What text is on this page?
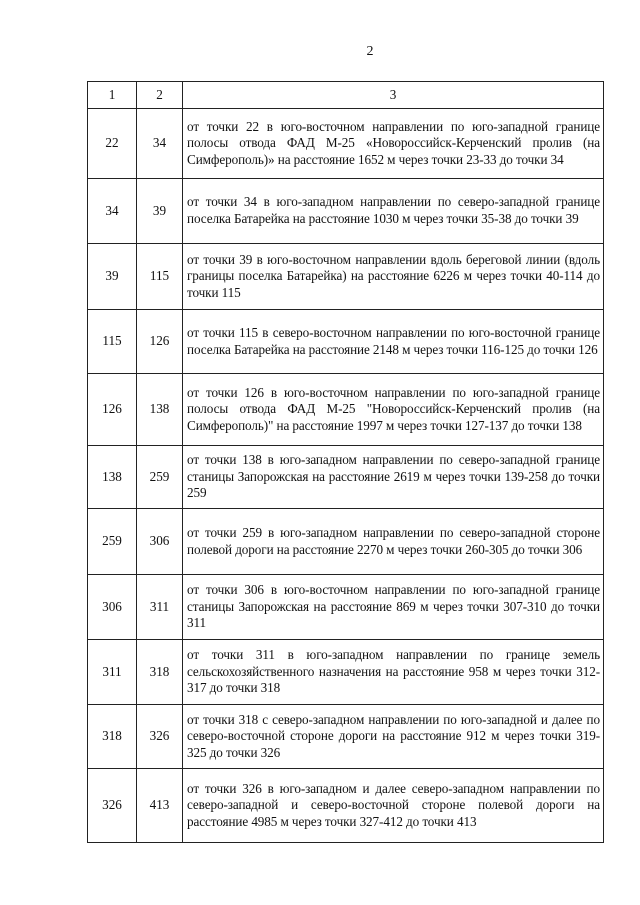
2
1	2	3
22	34	от точки 22 в юго-восточном направлении по юго-западной границе полосы отвода ФАД М-25 «Новороссийск-Керченский пролив (на Симферополь)» на расстояние 1652 м через точки 23-33 до точки 34
34	39	от точки 34 в юго-западном направлении по северо-западной границе поселка Батарейка на расстояние 1030 м через точки 35-38 до точки 39
39	115	от точки 39 в юго-восточном направлении вдоль береговой линии (вдоль границы поселка Батарейка) на расстояние 6226 м через точки 40-114 до точки 115
115	126	от точки 115 в северо-восточном направлении по юго-восточной границе поселка Батарейка на расстояние 2148 м через точки 116-125 до точки 126
126	138	от точки 126 в юго-восточном направлении по юго-западной границе полосы отвода ФАД М-25 "Новороссийск-Керченский пролив (на Симферополь)" на расстояние 1997 м через точки 127-137 до точки 138
138	259	от точки 138 в юго-западном направлении по северо-западной границе станицы Запорожская на расстояние 2619 м через точки 139-258 до точки 259
259	306	от точки 259 в юго-западном направлении по северо-западной стороне полевой дороги на расстояние 2270 м через точки 260-305 до точки 306
306	311	от точки 306 в юго-восточном направлении по юго-западной границе станицы Запорожская на расстояние 869 м через точки 307-310 до точки 311
311	318	от точки 311 в юго-западном направлении по границе земель сельскохозяйственного назначения на расстояние 958 м через точки 312-317 до точки 318
318	326	от точки 318 с северо-западном направлении по юго-западной и далее по северо-восточной стороне дороги на расстояние 912 м через точки 319-325 до точки 326
326	413	от точки 326 в юго-западном и далее северо-западном направлении по северо-западной и северо-восточной стороне полевой дороги на расстояние 4985 м через точки 327-412 до точки 413
